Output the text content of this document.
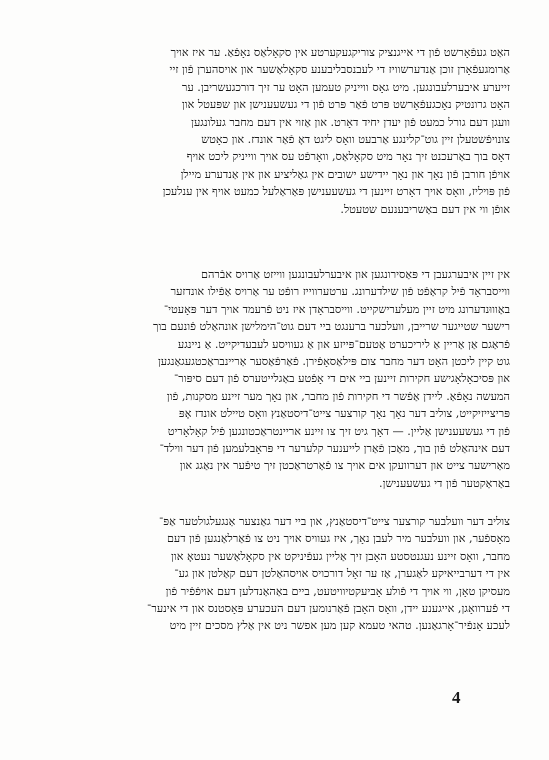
האַט געפֿאָרשט פֿון די אייגנציק צוריקגעקערטע אין סקאָלאַס נאָפֿאַ. ער איז אויך
אַרומגעפֿאָרן זוכן אַנדערשוויז די לעבנסבליבענע סקאָלאַשער און אויסהערן פֿון זיי
זייערע איבערלעבונגען. מיט גאָס ווייניק טעמען האָט ער זיך דורכגעשריבן. ער
האָט גרונטיק נאָכגעפֿאָרשט פּרט פֿאַר פּרט פֿון די געשעענישן און שפּעטל און
וועגן דעם גורל כמעט פֿון יעדן יחיד דאָרט. און אַזוי אין דעם מחבר געלונגען
צונויפֿשטעלן זיין גוט־קלינגע אַרבעט וואָס ליגט דאָ פֿאַר אונדז. און כאָטש
דאָס בוך באַרעכנט זיך נאָר מיט סקאָלאַס, וואָרפֿט עס אויך ווייניק ליכט אויף
אויפֿן חורבן פֿון נאָך און נאָך יידישע ישובים אין גאַליציע און אין אַנדערע מיילן
פֿון פּויליז, וואָס אויך דאָרט זיינען די געשעענישן פּאַראַלעל כמעט אויף אין ענלעכן
אופֿן ווי אין דעם באַשריבענעם שטעטל.
אין זיין איבערגעבן די פּאַסירונגען און איבערלעבונגען ווייזט אַרויס אבֿרהם
ווייסבראָד פֿיל קראַפֿט פֿון שילדערונג. ערטערווייז רופֿט ער אַרויס אַפֿילו אונדזער
באַוווּנדערונג מיט זיין מעלערישקייט. ווייסבראָדן איז ניט פֿרעמד אויך דער פּאָעטי־
רישער שטייגער שרייבן, וועלכער ברענגט ביי דעם גוט־הימלישן אונהאַלט פֿונעם בוך
פֿראַגם אַן אַריין אַ ליריכערט אַטעם־פּייזע און אַ געוויסע לעבעדיקייט. אַ ניינגע
גוט קיין ליכטן האָט דער מחבר צום פּילאַסאָפֿירן. פֿאַרפֿאַסער אַריינבראַכטגעגאַנגען
און פּסיכאָלאָגישע חקירות זיינען ביי אים די אָפֿטע באַגלייטערס פֿון דעם סיפּור־
המעשה נאָפֿאַ. ליידן אַפֿשר די חקירות פֿון מחבר, און נאָך מער זיינע מסקנות, פֿון
פּריצייזיקייט, צוליב דער נאָך נאָך קורצער צייט־דיסטאַנץ וואָס טיילט אונדז אָפּ
פֿון די געשעענישן אַליין. — דאָך גיט זיך צו זיינע אריינטראַכטונגען פֿיל קאָלאָריט
דעם אינהאַלט פֿון בוך, מאַכן פֿאַרן לייענער קלערער די פּראָבלעמען פֿון דער ווילד־
מאַרישער צייט און דערוועקן אים אויך צו פֿאַרטראַכטן זיך טיפֿער אין נאַגג און
באַראַקטער פֿון די געשעענישן.
צוליב דער וועלבער קורצער צייט־דיסטאַנץ, און ביי דער גאַנצער אַנגעלגולטער אַפּ־
מאָספֿער, און וועלבער מיר לעבן נאָך, איז געוויס אויך ניט צו פֿאַרלאַנגען פֿון דעם
מחבר, וואָס זיינע נעגנטסטע האָבן זיך אַליין געפֿיניקט אין סקאָלאַשער נעטאָ און
אין די דערבייאיקע לאַגערן, אַז ער זאָל דורכויס אויסהאַלטן דעם קאַלטן און גע־
מעסיקן טאָן, ווי אויך די פֿולע אָביעקטיוויטעט, ביים באַהאַנדלען דעם אויפֿפֿיר פֿון
די פֿערוואָגן, אייגענע יידן, וואָס האָבן פֿאַרנומען דעם העכערע פּאָסטנס און די אינער־
לעכע אָנפֿיר־אָרגאַנען. טהאי טעמא קען מען אפשר ניט אין אַלץ מסכים זיין מיט
4
